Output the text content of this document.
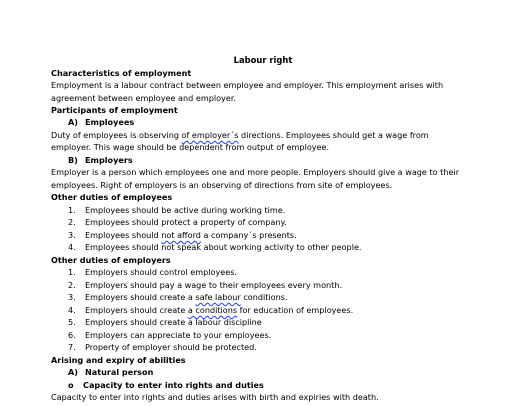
Labour right
Characteristics of employment
Employment is a labour contract between employee and employer. This employment arises with
agreement between employee and employer.
Participants of employment
A) Employees
Duty of employees is observing of employer´s directions. Employees should get a wage from
employer. This wage should be dependent from output of employee.
B) Employers
Employer is a person which employees one and more people. Employers should give a wage to their
employees. Right of employers is an observing of directions from site of employees.
Other duties of employees
1. Employees should be active during working time.
2. Employees should protect a property of company.
3. Employees should not afford a company´s presents.
4. Employees should not speak about working activity to other people.
Other duties of employers
1. Employers should control employees.
2. Employers should pay a wage to their employees every month.
3. Employers should create a safe labour conditions.
4. Employers should create a conditions for education of employees.
5. Employers should create a labour discipline
6. Employers can appreciate to your employees.
7. Property of employer should be protected.
Arising and expiry of abilities
A) Natural person
o Capacity to enter into rights and duties
Capacity to enter into rights and duties arises with birth and expiries with death.
